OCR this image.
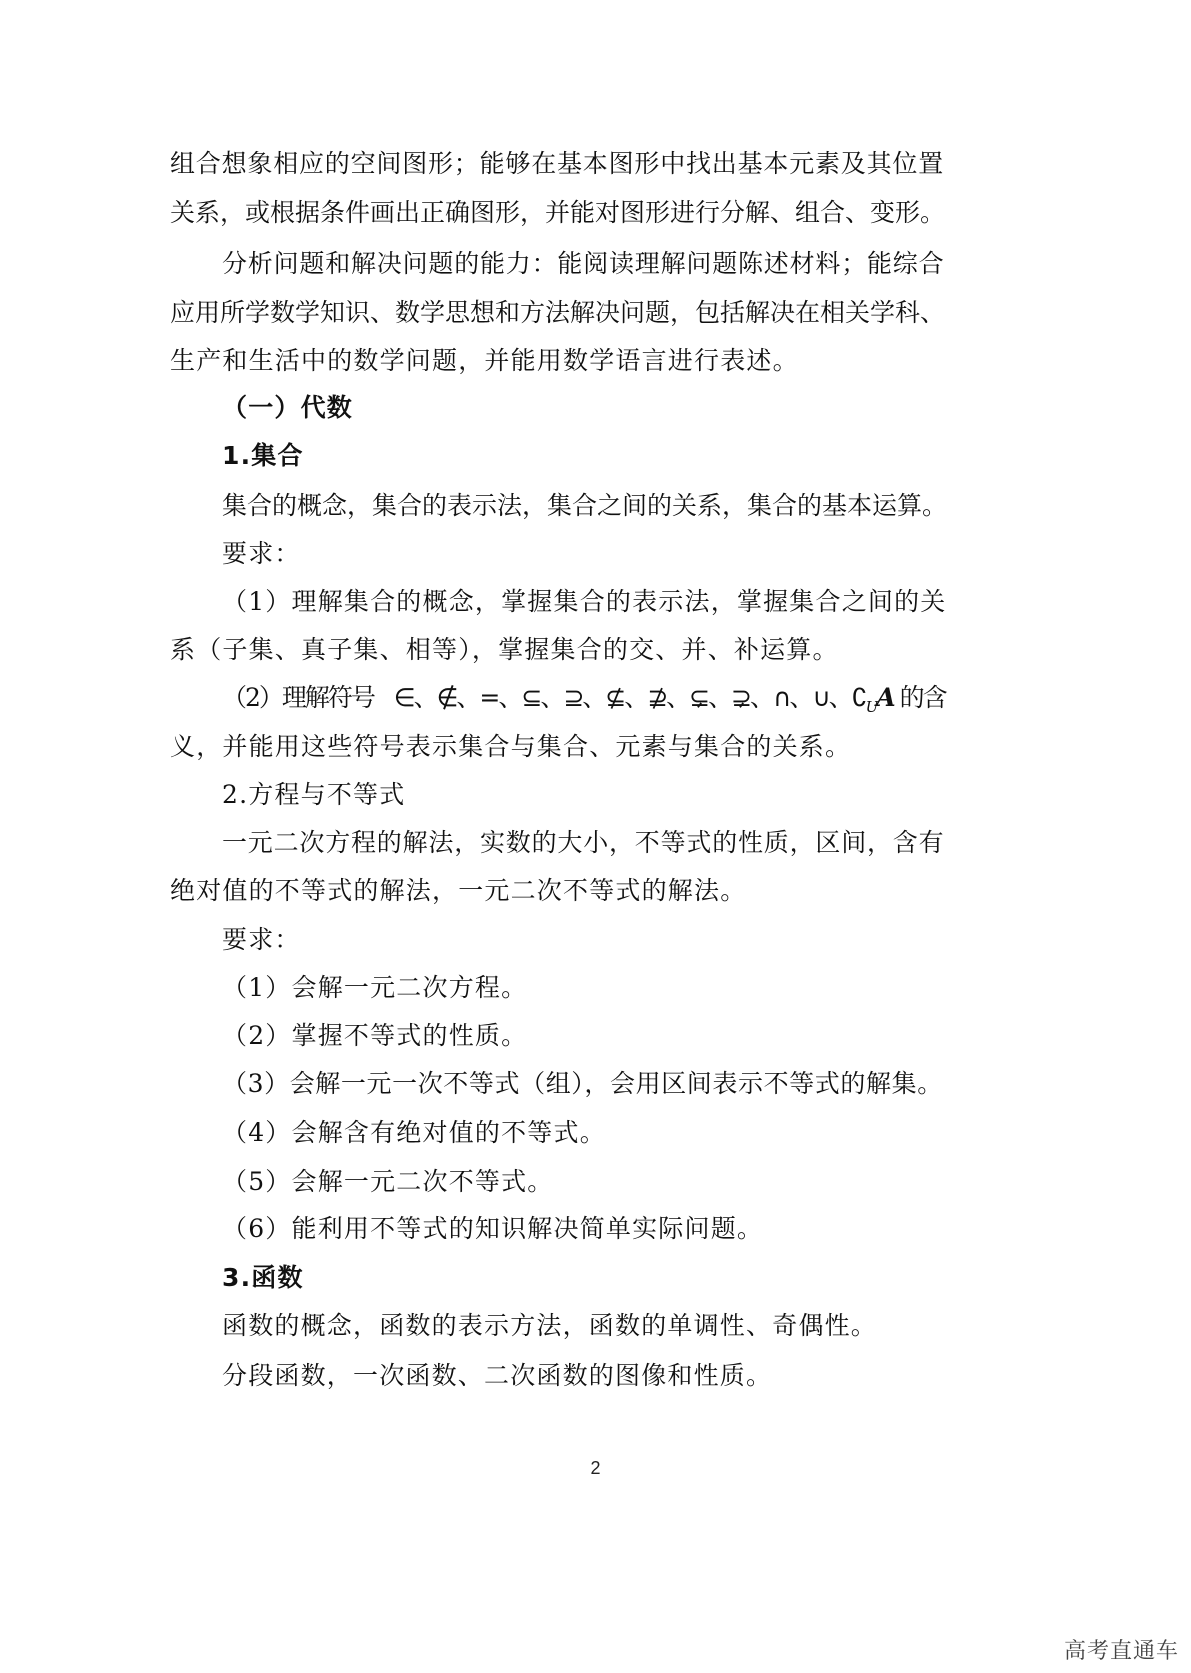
组合想象相应的空间图形；能够在基本图形中找出基本元素及其位置
关系，或根据条件画出正确图形，并能对图形进行分解、组合、变形。
分析问题和解决问题的能力：能阅读理解问题陈述材料；能综合
应用所学数学知识、数学思想和方法解决问题，包括解决在相关学科、
生产和生活中的数学问题，并能用数学语言进行表述。
（一）代数
1.集合
集合的概念，集合的表示法，集合之间的关系，集合的基本运算。
要求：
（1）理解集合的概念，掌握集合的表示法，掌握集合之间的关
系（子集、真子集、相等），掌握集合的交、并、补运算。
（2）理解符号 ∈、∉、=、⊆、⊇、⊈、⊉、⊊、⊋、∩、∪、$∁_UA$ 的含
义，并能用这些符号表示集合与集合、元素与集合的关系。
2.方程与不等式
一元二次方程的解法，实数的大小，不等式的性质，区间，含有
绝对值的不等式的解法，一元二次不等式的解法。
要求：
（1）会解一元二次方程。
（2）掌握不等式的性质。
（3）会解一元一次不等式（组），会用区间表示不等式的解集。
（4）会解含有绝对值的不等式。
（5）会解一元二次不等式。
（6）能利用不等式的知识解决简单实际问题。
3.函数
函数的概念，函数的表示方法，函数的单调性、奇偶性。
分段函数，一次函数、二次函数的图像和性质。
2
高考直通车
